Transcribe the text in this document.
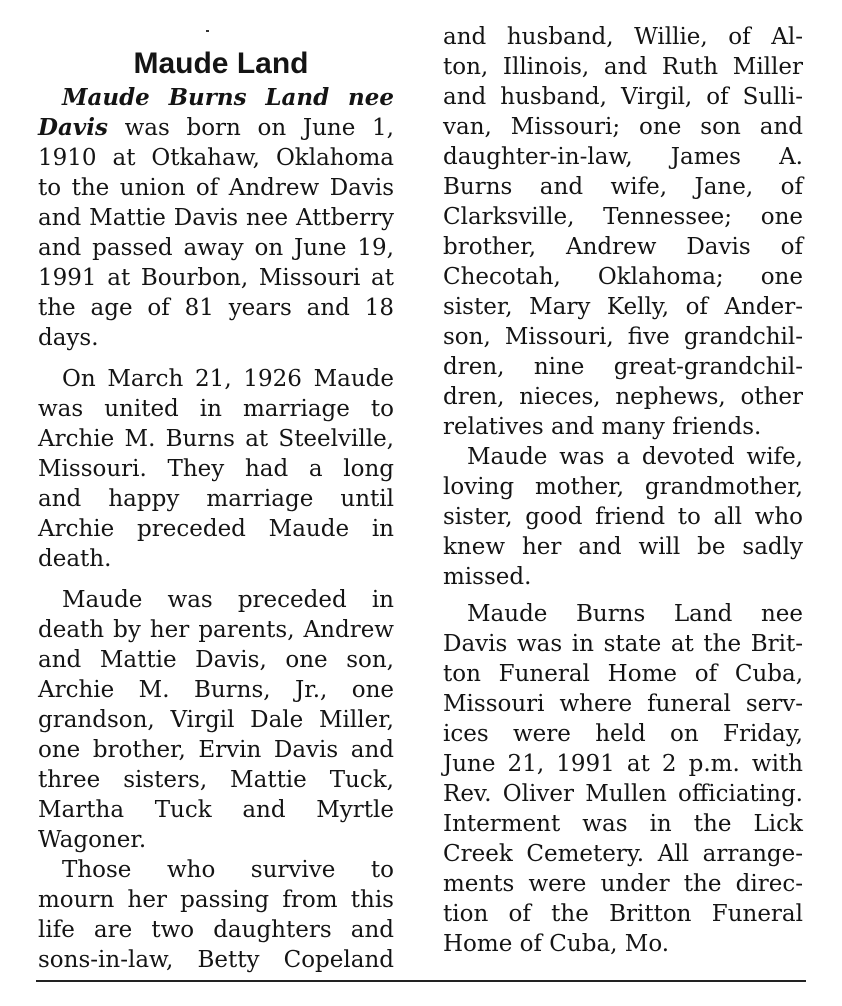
Maude Land
Maude Burns Land nee
Davis was born on June 1,
1910 at Otkahaw, Oklahoma
to the union of Andrew Davis
and Mattie Davis nee Attberry
and passed away on June 19,
1991 at Bourbon, Missouri at
the age of 81 years and 18
days.
On March 21, 1926 Maude
was united in marriage to
Archie M. Burns at Steelville,
Missouri. They had a long
and happy marriage until
Archie preceded Maude in
death.
Maude was preceded in
death by her parents, Andrew
and Mattie Davis, one son,
Archie M. Burns, Jr., one
grandson, Virgil Dale Miller,
one brother, Ervin Davis and
three sisters, Mattie Tuck,
Martha Tuck and Myrtle
Wagoner.
Those who survive to
mourn her passing from this
life are two daughters and
sons-in-law, Betty Copeland
and husband, Willie, of Al-
ton, Illinois, and Ruth Miller
and husband, Virgil, of Sulli-
van, Missouri; one son and
daughter-in-law, James A.
Burns and wife, Jane, of
Clarksville, Tennessee; one
brother, Andrew Davis of
Checotah, Oklahoma; one
sister, Mary Kelly, of Ander-
son, Missouri, five grandchil-
dren, nine great-grandchil-
dren, nieces, nephews, other
relatives and many friends.
Maude was a devoted wife,
loving mother, grandmother,
sister, good friend to all who
knew her and will be sadly
missed.
Maude Burns Land nee
Davis was in state at the Brit-
ton Funeral Home of Cuba,
Missouri where funeral serv-
ices were held on Friday,
June 21, 1991 at 2 p.m. with
Rev. Oliver Mullen officiating.
Interment was in the Lick
Creek Cemetery. All arrange-
ments were under the direc-
tion of the Britton Funeral
Home of Cuba, Mo.
